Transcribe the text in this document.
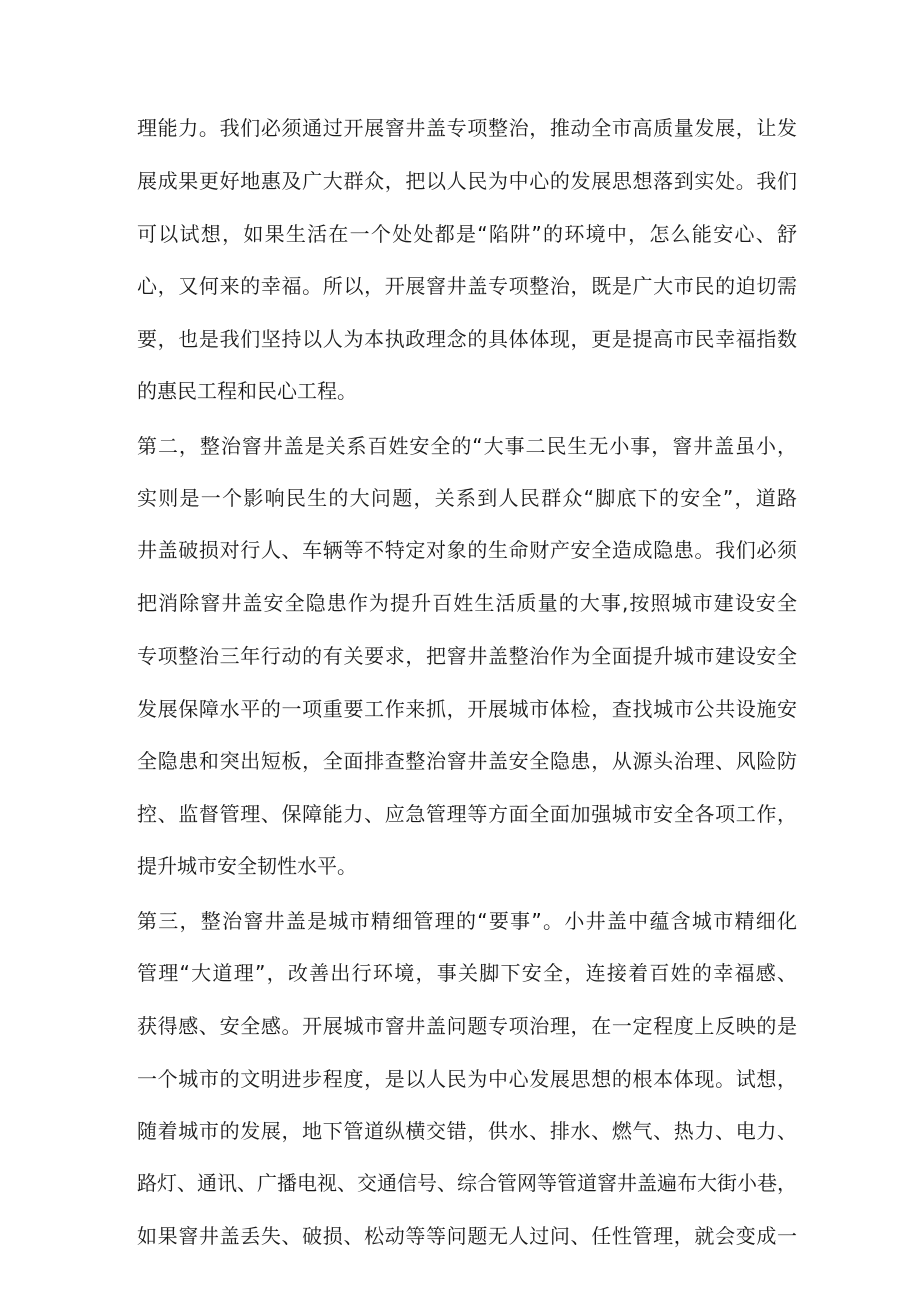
理能力。我们必须通过开展窨井盖专项整治，推动全市高质量发展，让发
展成果更好地惠及广大群众，把以人民为中心的发展思想落到实处。我们
可以试想，如果生活在一个处处都是“陷阱”的环境中，怎么能安心、舒
心，又何来的幸福。所以，开展窨井盖专项整治，既是广大市民的迫切需
要，也是我们坚持以人为本执政理念的具体体现，更是提高市民幸福指数
的惠民工程和民心工程。
第二，整治窨井盖是关系百姓安全的“大事二民生无小事，窨井盖虽小，
实则是一个影响民生的大问题，关系到人民群众“脚底下的安全”，道路
井盖破损对行人、车辆等不特定对象的生命财产安全造成隐患。我们必须
把消除窨井盖安全隐患作为提升百姓生活质量的大事,按照城市建设安全
专项整治三年行动的有关要求，把窨井盖整治作为全面提升城市建设安全
发展保障水平的一项重要工作来抓，开展城市体检，查找城市公共设施安
全隐患和突出短板，全面排查整治窨井盖安全隐患，从源头治理、风险防
控、监督管理、保障能力、应急管理等方面全面加强城市安全各项工作，
提升城市安全韧性水平。
第三，整治窨井盖是城市精细管理的“要事”。小井盖中蕴含城市精细化
管理“大道理”，改善出行环境，事关脚下安全，连接着百姓的幸福感、
获得感、安全感。开展城市窨井盖问题专项治理，在一定程度上反映的是
一个城市的文明进步程度，是以人民为中心发展思想的根本体现。试想，
随着城市的发展，地下管道纵横交错，供水、排水、燃气、热力、电力、
路灯、通讯、广播电视、交通信号、综合管网等管道窨井盖遍布大街小巷，
如果窨井盖丢失、破损、松动等等问题无人过问、任性管理，就会变成一
